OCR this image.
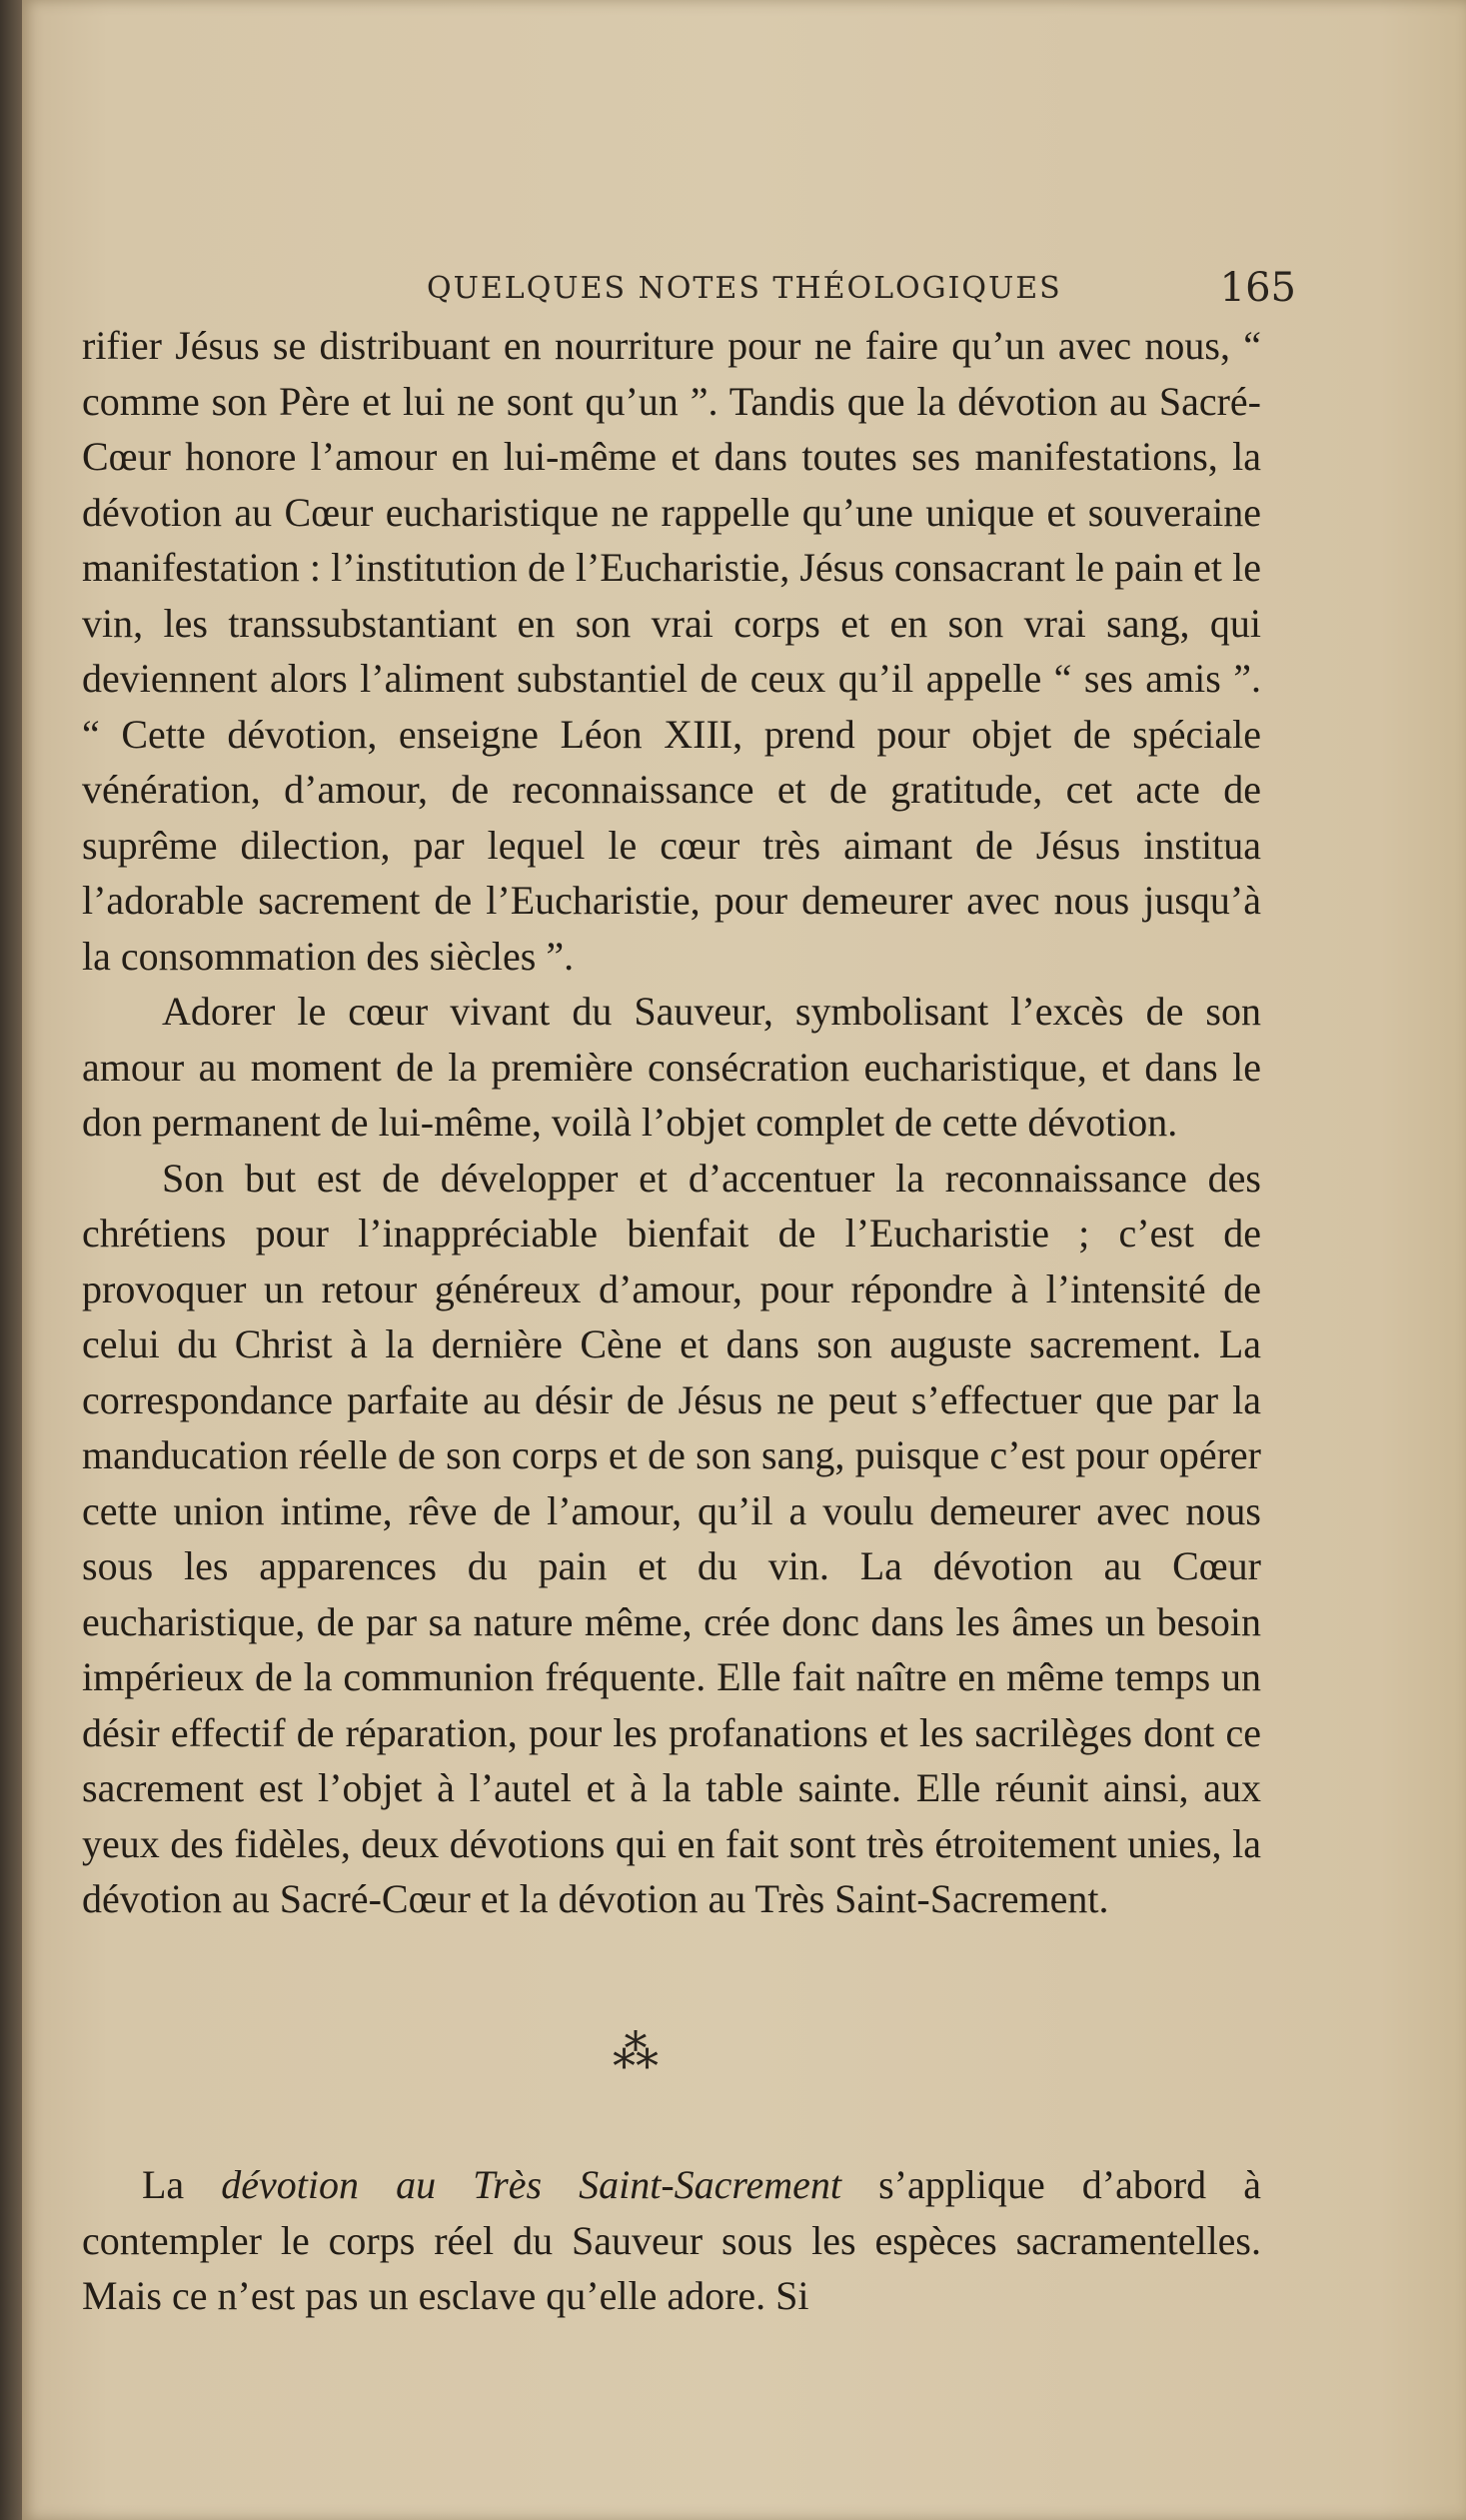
QUELQUES NOTES THÉOLOGIQUES	165

rifier Jésus se distribuant en nourriture pour ne faire qu’un avec nous, “ comme son Père et lui ne sont qu’un ”. Tandis que la dévotion au Sacré-Cœur honore l’amour en lui-même et dans toutes ses manifestations, la dévotion au Cœur eucharistique ne rappelle qu’une unique et souveraine manifestation : l’institution de l’Eucharistie, Jésus consacrant le pain et le vin, les transsubstantiant en son vrai corps et en son vrai sang, qui deviennent alors l’aliment substantiel de ceux qu’il appelle “ ses amis ”. “ Cette dévotion, enseigne Léon XIII, prend pour objet de spéciale vénération, d’amour, de reconnaissance et de gratitude, cet acte de suprême dilection, par lequel le cœur très aimant de Jésus institua l’adorable sacrement de l’Eucharistie, pour demeurer avec nous jusqu’à la consommation des siècles ”.

Adorer le cœur vivant du Sauveur, symbolisant l’excès de son amour au moment de la première consécration eucharistique, et dans le don permanent de lui-même, voilà l’objet complet de cette dévotion.

Son but est de développer et d’accentuer la reconnaissance des chrétiens pour l’inappréciable bienfait de l’Eucharistie ; c’est de provoquer un retour généreux d’amour, pour répondre à l’intensité de celui du Christ à la dernière Cène et dans son auguste sacrement. La correspondance parfaite au désir de Jésus ne peut s’effectuer que par la manducation réelle de son corps et de son sang, puisque c’est pour opérer cette union intime, rêve de l’amour, qu’il a voulu demeurer avec nous sous les apparences du pain et du vin. La dévotion au Cœur eucharistique, de par sa nature même, crée donc dans les âmes un besoin impérieux de la communion fréquente. Elle fait naître en même temps un désir effectif de réparation, pour les profanations et les sacrilèges dont ce sacrement est l’objet à l’autel et à la table sainte. Elle réunit ainsi, aux yeux des fidèles, deux dévotions qui en fait sont très étroitement unies, la dévotion au Sacré-Cœur et la dévotion au Très Saint-Sacrement.

⁂

La dévotion au Très Saint-Sacrement s’applique d’abord à contempler le corps réel du Sauveur sous les espèces sacramentelles. Mais ce n’est pas un esclave qu’elle adore. Si
